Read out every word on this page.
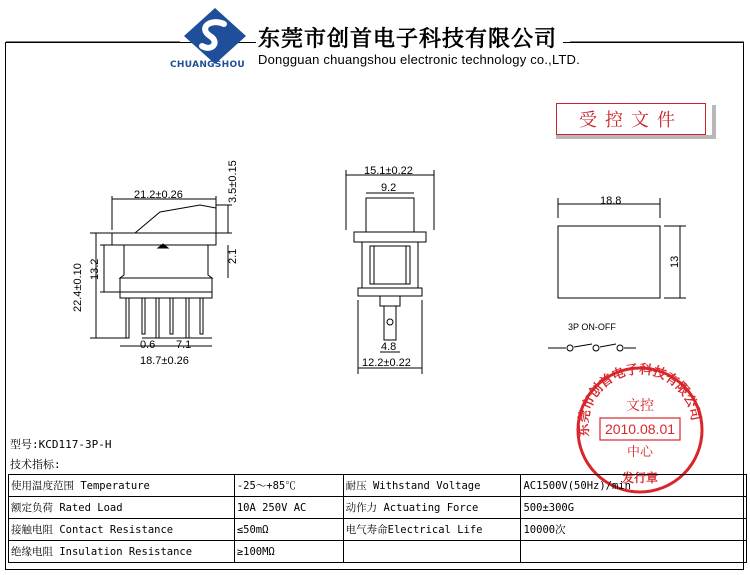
CHUANGSHOU
东莞市创首电子科技有限公司
Dongguan chuangshou electronic technology co.,LTD.
受控文件
21.2±0.26	3.5±0.15
22.4±0.10 13.2
2.1
0.6 7.1
18.7±0.26
15.1±0.22
9.2
4.8
12.2±0.22
18.8
13
3P ON-OFF
东莞市创首电子科技有限公司
文控
2010.08.01
中心
发行章
型号:KCD117-3P-H
技术指标:
使用温度范围 Temperature	-25～+85℃	耐压 Withstand Voltage	AC1500V(50Hz)/min
额定负荷 Rated Load	10A 250V AC	动作力 Actuating Force	500±300G
接触电阻 Contact Resistance	≤50mΩ	电气寿命Electrical Life	10000次
绝缘电阻 Insulation Resistance	≥100MΩ		
